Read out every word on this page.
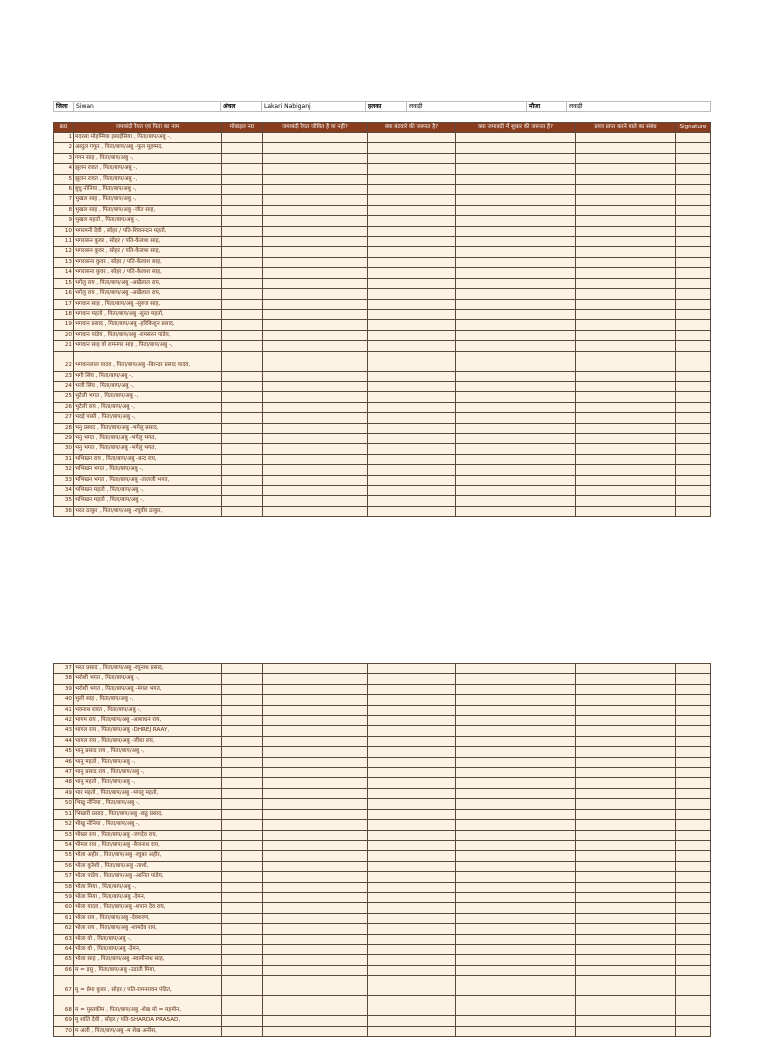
जिला	Siwan	अंचल	Lakari Nabiganj	हलका	लकड़ी	मौजा	लकड़ी
क्र0	जमाबंदी रैयत एवं पिता का नाम	मोबाइल न0	जमाबंदी रैयत जीवित है या नहीं?	क्या बंटवारे की जरूरत है?	क्या जमाबंदी में सुधार की जरूरत है?	प्रपत्र प्राप्त करने वाले का संबंध	Signature
1	मदरसा मोहम्मिया इसाईसिया , पिता/बाप/अबु -,						
2	अब्दुल गफूर , पिता/बाप/अबु -फूल मुहम्मद,						
3	गगन साह , पिता/बाप/अबु -,						
4	झुलन रावत , पिता/बाप/अबु -,						
5	झुलन रावत , पिता/बाप/अबु -,						
6	बुधु नोनिया , पिता/बाप/अबु -,						
7	भुखल साह , पिता/बाप/अबु -,						
8	भुखल साह , पिता/बाप/अबु -जीत साह,						
9	भुखल महतो , पिता/बाप/अबु -,						
10	भगरमनी देवी , सोहर / पति-शिवनन्दन महतो,						
11	भगरासन कुवर , सोहर / पति-केलाश साह,						
12	भगरासन कुवर , सोहर / पति-केलाश साह,						
13	भगरासना कुवर , सोहर / पति-केलाश साह,						
14	भगरासना कुवर , सोहर / पति-केलाश साह,						
15	भगेलु राय , पिता/बाप/अबु -अखैलाल राय,						
16	भगेलु राय , पिता/बाप/अबु -अखैलाल राय,						
17	भगवान साह , पिता/बाप/अबु -सुरुज साह,						
18	भगवान महतो , पिता/बाप/अबु -सुरत महतो,						
19	भगवान प्रसाद , पिता/बाप/अबु -हरिकिशुन प्रसाद,						
20	भगवान पांडेय , पिता/बाप/अबु -रामसरन पांडेय,						
21	भगवान साह वो रामनगर साह , पिता/बाप/अबु -,						
22	भगवानलाल यादव , पिता/बाप/अबु -बिरन्दर प्रसाद यादव,						
23	भगी सिंघ , पिता/बाप/अबु -,						
24	भजी सिंघ , पिता/बाप/अबु -,						
25	भुटेली भगत , पिता/बाप/अबु -,						
26	भुटेली राय , पिता/बाप/अबु -,						
27	भदई पासी , पिता/बाप/अबु -,						
28	भनु प्रसाद , पिता/बाप/अबु -भगेलु प्रसाद,						
29	भनु भगत , पिता/बाप/अबु -भगेलु भगत,						
30	भनु भगत , पिता/बाप/अबु -भगेलु भगत,						
31	भभिखन राय , पिता/बाप/अबु -बन्द राय,						
32	भभिखन भगत , पिता/बाप/अबु -,						
33	भभिखन भगत , पिता/बाप/अबु -तालजी भगत,						
34	भभिखन महतो , पिता/बाप/अबु -,						
35	भभिखन महतो , पिता/बाप/अबु -,						
36	भरत ठाकुर , पिता/बाप/अबु -रघुवीर ठाकुर,						
37	भरत प्रसाद , पिता/बाप/अबु -रघुनाथ प्रसाद,						
38	भरोशी भगत , पिता/बाप/अबु -,						
39	भरोशी भगत , पिता/बाप/अबु -मंगल भगत,						
40	भुली साह , पिता/बाप/अबु -,						
41	भवनाथ रावत , पिता/बाप/अबु -,						
42	भागम राय , पिता/बाप/अबु -आशाधन राय,						
43	भागल राय , पिता/बाप/अबु -DHREJ RAAY,						
44	भागल राय , पिता/बाप/अबु -जीधा राय,						
45	भानु प्रसाद राय , पिता/बाप/अबु -,						
46	भानु महतो , पिता/बाप/अबु -,						
47	भानु प्रसाद राय , पिता/बाप/अबु -,						
48	भानु महतो , पिता/बाप/अबु -,						
49	भार महतो , पिता/बाप/अबु -भगलु महतो,						
50	भिखु नोनिया , पिता/बाप/अबु -,						
51	भिखारी प्रसाद , पिता/बाप/अबु -छठु प्रसाद,						
52	भीखु नोनिया , पिता/बाप/अबु -,						
53	भीखर राय , पिता/बाप/अबु -जगदेव राय,						
54	भीमल राय , पिता/बाप/अबु -बैजनाथ राय,						
55	भोला अहीर , पिता/बाप/अबु -रघुबर अहीर,						
56	भोला कुरेशी , पिता/बाप/अबु -ताशो,						
57	भोला पांडेय , पिता/बाप/अबु -आनित पांडेय,						
58	भोला मिया , पिता/बाप/अबु -,						
59	भोला मिया , पिता/बाप/अबु -देमन,						
60	भोला यादव , पिता/बाप/अबु -शपान देव राय,						
61	भोला राय , पिता/बाप/अबु -देवशरण,						
62	भोला राय , पिता/बाप/अबु -शामदेव राय,						
63	भोला वो , पिता/बाप/अबु -,						
64	भोला वो , पिता/बाप/अबु -देमन,						
65	भोला साह , पिता/बाप/अबु -स्वामीनाथ साह,						
66	म = इसु , पिता/बाप/अबु -उदाती मिया,						
67	मु = प्रेमा कुवर , सोहर / पति-रामनरायन पंडित,						
68	म = मुस्तकीम , पिता/बाप/अबु -शेख मो = महमीन,						
69	मु शांति देवी , सोहर / पति-SHARDA PRASAD,						
70	म अली , पिता/बाप/अबु -म शेख अनीस,						
